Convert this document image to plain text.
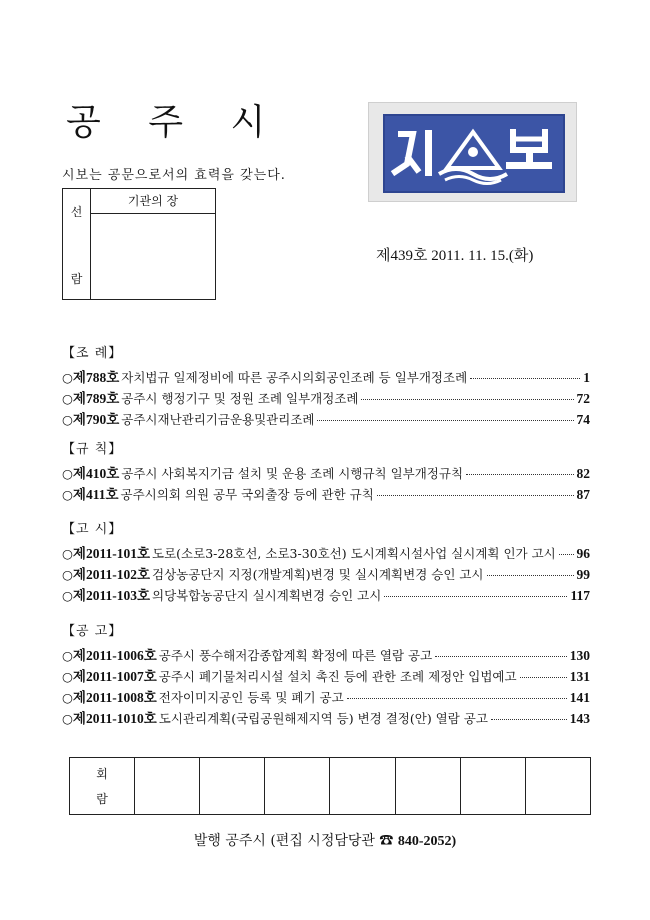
공 주 시
시보는 공문으로서의 효력을 갖는다.
선
람
기관의 장
제439호 2011. 11. 15.(화)
【조 례】
○ 제788호 자치법규 일제정비에 따른 공주시의회공인조례 등 일부개정조례	1
○ 제789호 공주시 행정기구 및 정원 조례 일부개정조례	72
○ 제790호 공주시재난관리기금운용및관리조례	74
【규 칙】
○ 제410호 공주시 사회복지기금 설치 및 운용 조례 시행규칙 일부개정규칙	82
○ 제411호 공주시의회 의원 공무 국외출장 등에 관한 규칙	87
【고 시】
○ 제2011-101호 도로(소로3-28호선, 소로3-30호선) 도시계획시설사업 실시계획 인가 고시 96
○ 제2011-102호 검상농공단지 지정(개발계획)변경 및 실시계획변경 승인 고시	99
○ 제2011-103호 의당복합농공단지 실시계획변경 승인 고시	117
【공 고】
○ 제2011-1006호 공주시 풍수해저감종합계획 확정에 따른 열람 공고	130
○ 제2011-1007호 공주시 폐기물처리시설 설치 촉진 등에 관한 조례 제정안 입법예고	131
○ 제2011-1008호 전자이미지공인 등록 및 폐기 공고	141
○ 제2011-1010호 도시관리계획(국립공원해제지역 등) 변경 결정(안) 열람 공고	143
회
람
발행 공주시 (편집 시정담당관 ☎ 840-2052)
